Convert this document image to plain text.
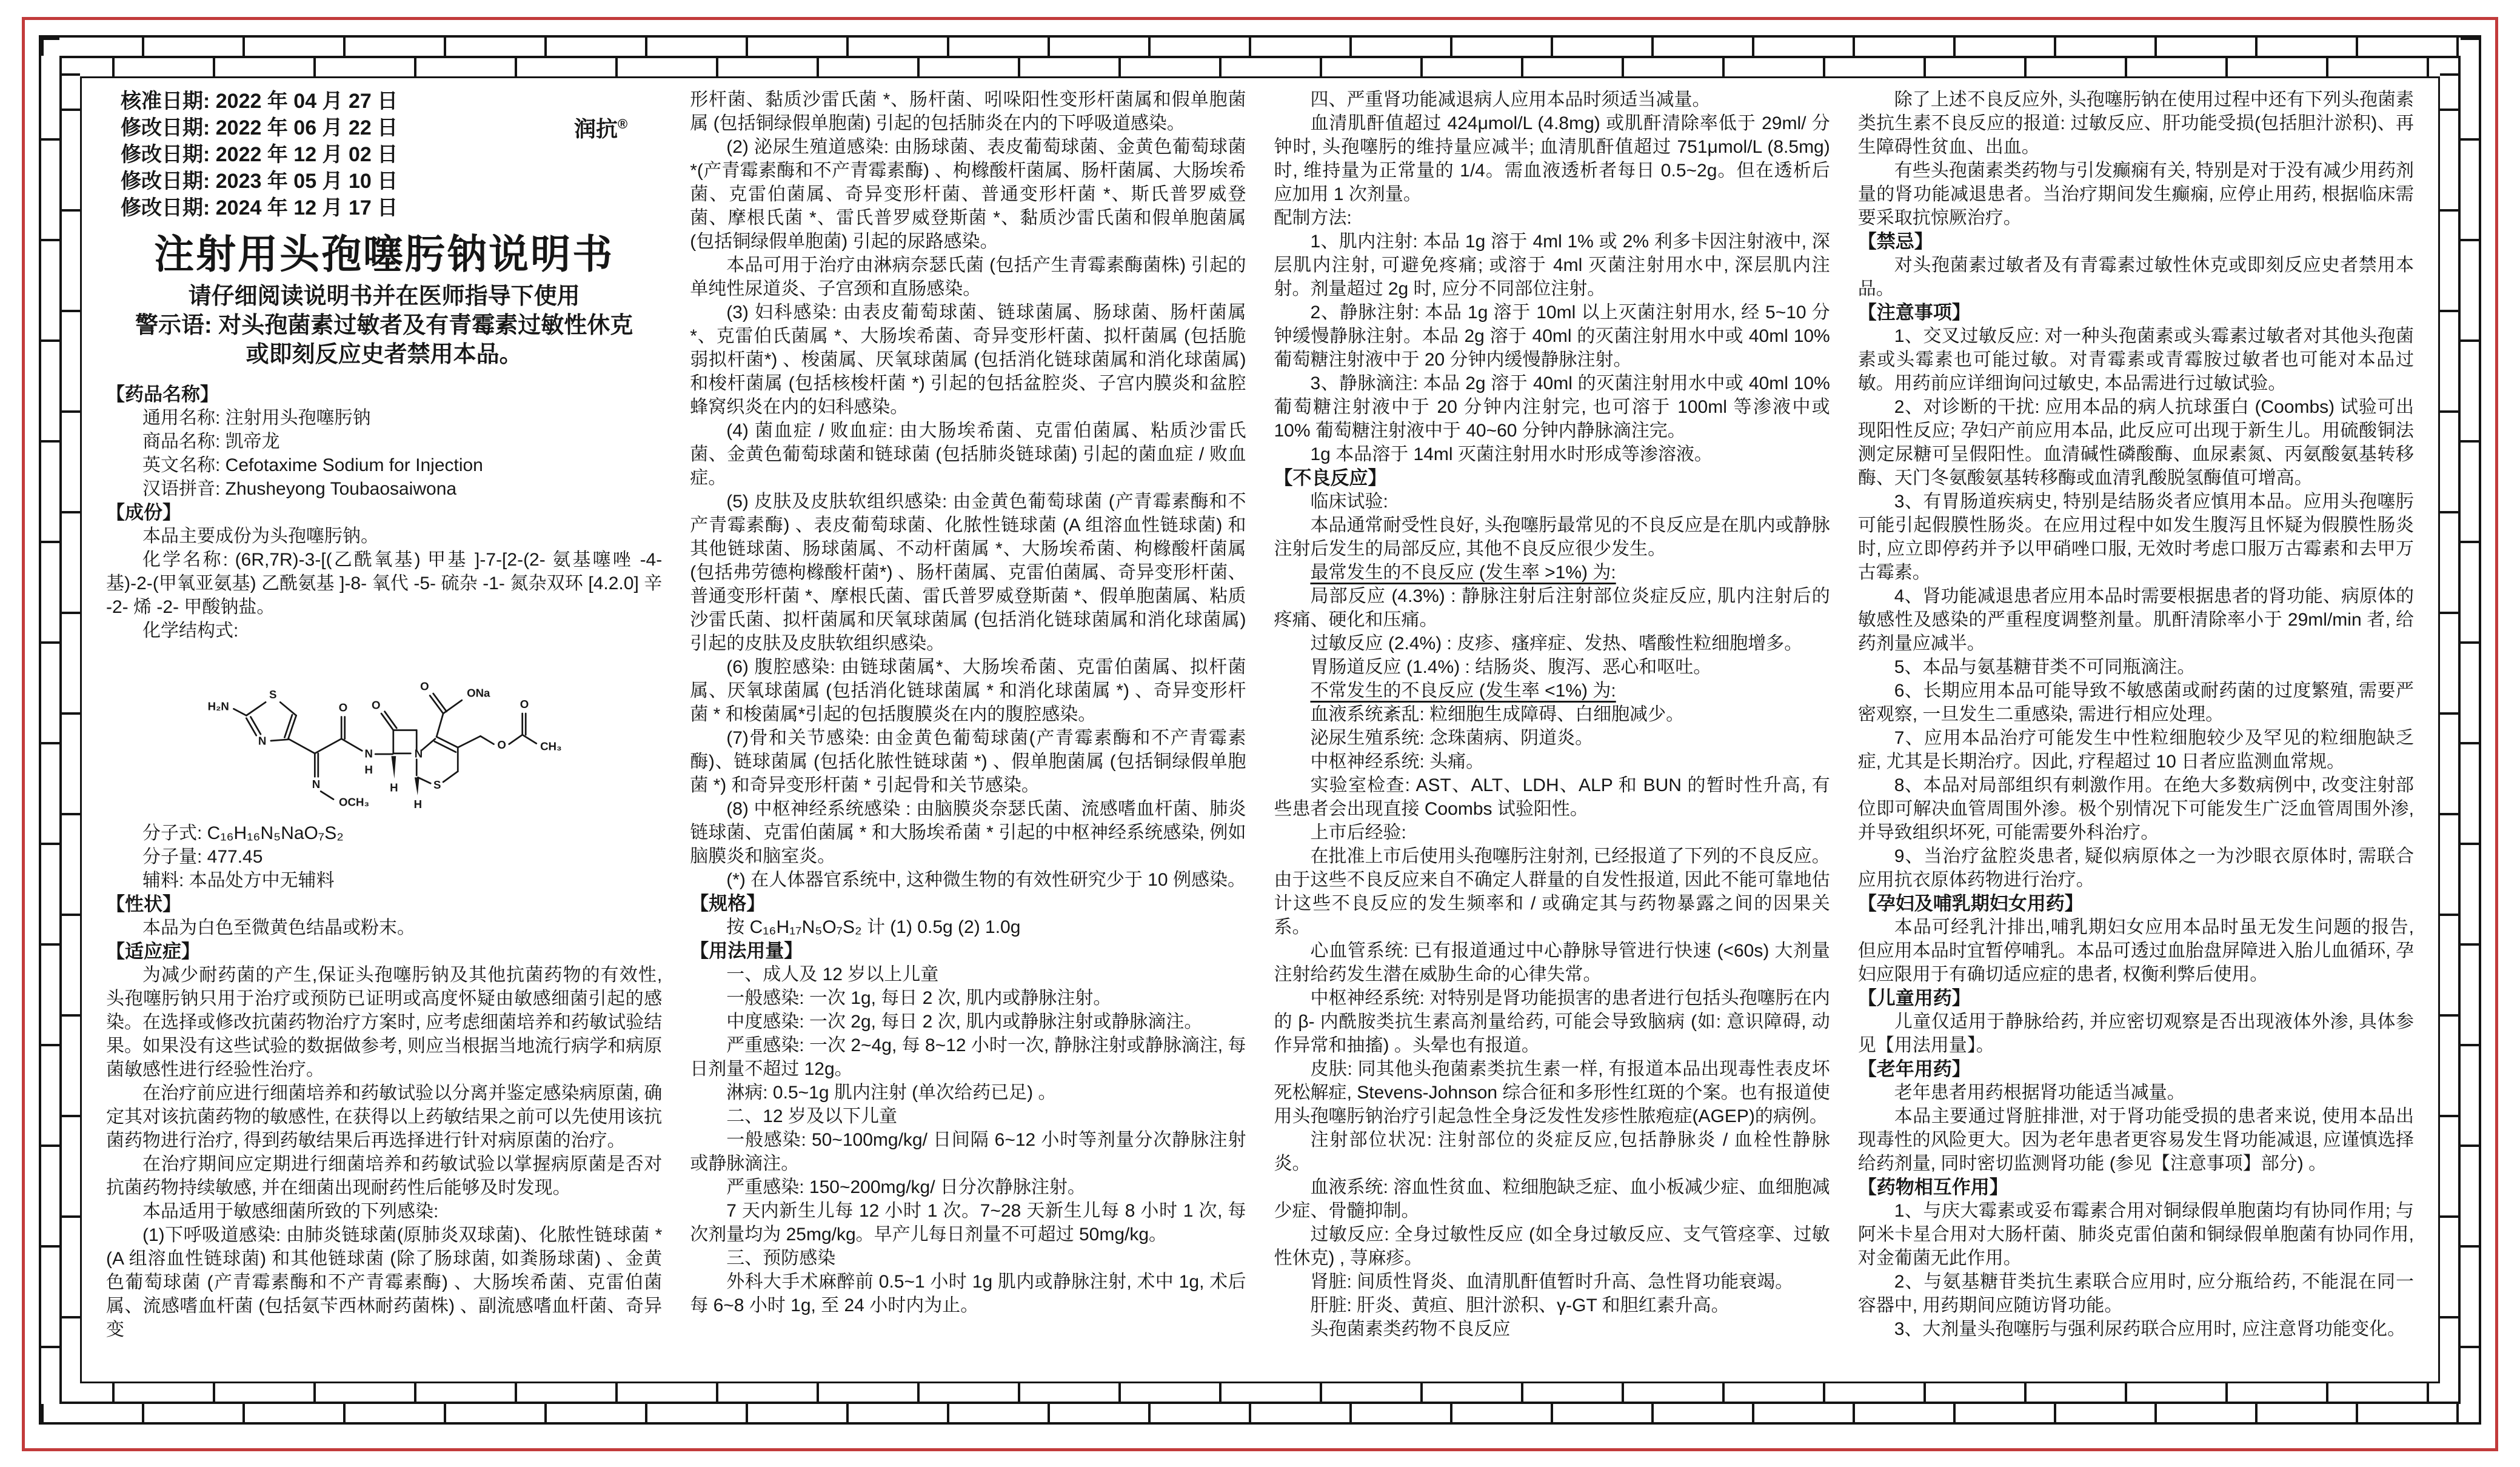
润抗®
核准日期: 2022 年 04 月 27 日
修改日期: 2022 年 06 月 22 日
修改日期: 2022 年 12 月 02 日
修改日期: 2023 年 05 月 10 日
修改日期: 2024 年 12 月 17 日
注射用头孢噻肟钠说明书
请仔细阅读说明书并在医师指导下使用
警示语: 对头孢菌素过敏者及有青霉素过敏性休克
或即刻反应史者禁用本品。
【药品名称】
通用名称: 注射用头孢噻肟钠
商品名称: 凯帝龙
英文名称: Cefotaxime Sodium for Injection
汉语拼音: Zhusheyong Toubaosaiwona
【成份】
本品主要成份为头孢噻肟钠。
化学名称: (6R,7R)-3-[(乙酰氧基) 甲基 ]-7-[2-(2- 氨基噻唑 -4- 基)-2-(甲氧亚氨基) 乙酰氨基 ]-8- 氧代 -5- 硫杂 -1- 氮杂双环 [4.2.0] 辛 -2- 烯 -2- 甲酸钠盐。
化学结构式:
H₂N
S
N
N
OCH₃
O
N
H
O
N
H S
H
O
ONa
O
O
CH₃
分子式: C₁₆H₁₆N₅NaO₇S₂
分子量: 477.45
辅料: 本品处方中无辅料
【性状】
本品为白色至微黄色结晶或粉末。
【适应症】
为减少耐药菌的产生,保证头孢噻肟钠及其他抗菌药物的有效性, 头孢噻肟钠只用于治疗或预防已证明或高度怀疑由敏感细菌引起的感染。在选择或修改抗菌药物治疗方案时, 应考虑细菌培养和药敏试验结果。如果没有这些试验的数据做参考, 则应当根据当地流行病学和病原菌敏感性进行经验性治疗。
在治疗前应进行细菌培养和药敏试验以分离并鉴定感染病原菌, 确定其对该抗菌药物的敏感性, 在获得以上药敏结果之前可以先使用该抗菌药物进行治疗, 得到药敏结果后再选择进行针对病原菌的治疗。
在治疗期间应定期进行细菌培养和药敏试验以掌握病原菌是否对抗菌药物持续敏感, 并在细菌出现耐药性后能够及时发现。
本品适用于敏感细菌所致的下列感染:
(1)下呼吸道感染: 由肺炎链球菌(原肺炎双球菌)、化脓性链球菌 *(A 组溶血性链球菌) 和其他链球菌 (除了肠球菌, 如粪肠球菌) 、金黄色葡萄球菌 (产青霉素酶和不产青霉素酶) 、大肠埃希菌、克雷伯菌属、流感嗜血杆菌 (包括氨苄西林耐药菌株) 、副流感嗜血杆菌、奇异变
形杆菌、黏质沙雷氏菌 *、肠杆菌、吲哚阳性变形杆菌属和假单胞菌属 (包括铜绿假单胞菌) 引起的包括肺炎在内的下呼吸道感染。
(2) 泌尿生殖道感染: 由肠球菌、表皮葡萄球菌、金黄色葡萄球菌 *(产青霉素酶和不产青霉素酶) 、枸橼酸杆菌属、肠杆菌属、大肠埃希菌、克雷伯菌属、奇异变形杆菌、普通变形杆菌 *、斯氏普罗威登菌、摩根氏菌 *、雷氏普罗威登斯菌 *、黏质沙雷氏菌和假单胞菌属 (包括铜绿假单胞菌) 引起的尿路感染。
本品可用于治疗由淋病奈瑟氏菌 (包括产生青霉素酶菌株) 引起的单纯性尿道炎、子宫颈和直肠感染。
(3) 妇科感染: 由表皮葡萄球菌、链球菌属、肠球菌、肠杆菌属 *、克雷伯氏菌属 *、大肠埃希菌、奇异变形杆菌、拟杆菌属 (包括脆弱拟杆菌*) 、梭菌属、厌氧球菌属 (包括消化链球菌属和消化球菌属) 和梭杆菌属 (包括核梭杆菌 *) 引起的包括盆腔炎、子宫内膜炎和盆腔蜂窝织炎在内的妇科感染。
(4) 菌血症 / 败血症: 由大肠埃希菌、克雷伯菌属、粘质沙雷氏菌、金黄色葡萄球菌和链球菌 (包括肺炎链球菌) 引起的菌血症 / 败血症。
(5) 皮肤及皮肤软组织感染: 由金黄色葡萄球菌 (产青霉素酶和不产青霉素酶) 、表皮葡萄球菌、化脓性链球菌 (A 组溶血性链球菌) 和其他链球菌、肠球菌属、不动杆菌属 *、大肠埃希菌、枸橼酸杆菌属 (包括弗劳德枸橼酸杆菌*) 、肠杆菌属、克雷伯菌属、奇异变形杆菌、普通变形杆菌 *、摩根氏菌、雷氏普罗威登斯菌 *、假单胞菌属、粘质沙雷氏菌、拟杆菌属和厌氧球菌属 (包括消化链球菌属和消化球菌属) 引起的皮肤及皮肤软组织感染。
(6) 腹腔感染: 由链球菌属*、大肠埃希菌、克雷伯菌属、拟杆菌属、厌氧球菌属 (包括消化链球菌属 * 和消化球菌属 *) 、奇异变形杆菌 * 和梭菌属*引起的包括腹膜炎在内的腹腔感染。
(7)骨和关节感染: 由金黄色葡萄球菌(产青霉素酶和不产青霉素酶)、链球菌属 (包括化脓性链球菌 *) 、假单胞菌属 (包括铜绿假单胞菌 *) 和奇异变形杆菌 * 引起骨和关节感染。
(8) 中枢神经系统感染 : 由脑膜炎奈瑟氏菌、流感嗜血杆菌、肺炎链球菌、克雷伯菌属 * 和大肠埃希菌 * 引起的中枢神经系统感染, 例如脑膜炎和脑室炎。
(*) 在人体器官系统中, 这种微生物的有效性研究少于 10 例感染。
【规格】
按 C₁₆H₁₇N₅O₇S₂ 计 (1) 0.5g (2) 1.0g
【用法用量】
一、成人及 12 岁以上儿童
一般感染: 一次 1g, 每日 2 次, 肌内或静脉注射。
中度感染: 一次 2g, 每日 2 次, 肌内或静脉注射或静脉滴注。
严重感染: 一次 2~4g, 每 8~12 小时一次, 静脉注射或静脉滴注, 每日剂量不超过 12g。
淋病: 0.5~1g 肌内注射 (单次给药已足) 。
二、12 岁及以下儿童
一般感染: 50~100mg/kg/ 日间隔 6~12 小时等剂量分次静脉注射或静脉滴注。
严重感染: 150~200mg/kg/ 日分次静脉注射。
7 天内新生儿每 12 小时 1 次。7~28 天新生儿每 8 小时 1 次, 每次剂量均为 25mg/kg。早产儿每日剂量不可超过 50mg/kg。
三、预防感染
外科大手术麻醉前 0.5~1 小时 1g 肌内或静脉注射, 术中 1g, 术后每 6~8 小时 1g, 至 24 小时内为止。
四、严重肾功能减退病人应用本品时须适当减量。
血清肌酐值超过 424μmol/L (4.8mg) 或肌酐清除率低于 29ml/ 分钟时, 头孢噻肟的维持量应减半; 血清肌酐值超过 751μmol/L (8.5mg) 时, 维持量为正常量的 1/4。需血液透析者每日 0.5~2g。但在透析后应加用 1 次剂量。
配制方法:
1、肌内注射: 本品 1g 溶于 4ml 1% 或 2% 利多卡因注射液中, 深层肌内注射, 可避免疼痛; 或溶于 4ml 灭菌注射用水中, 深层肌内注射。剂量超过 2g 时, 应分不同部位注射。
2、静脉注射: 本品 1g 溶于 10ml 以上灭菌注射用水, 经 5~10 分钟缓慢静脉注射。本品 2g 溶于 40ml 的灭菌注射用水中或 40ml 10% 葡萄糖注射液中于 20 分钟内缓慢静脉注射。
3、静脉滴注: 本品 2g 溶于 40ml 的灭菌注射用水中或 40ml 10% 葡萄糖注射液中于 20 分钟内注射完, 也可溶于 100ml 等渗液中或 10% 葡萄糖注射液中于 40~60 分钟内静脉滴注完。
1g 本品溶于 14ml 灭菌注射用水时形成等渗溶液。
【不良反应】
临床试验:
本品通常耐受性良好, 头孢噻肟最常见的不良反应是在肌内或静脉注射后发生的局部反应, 其他不良反应很少发生。
最常发生的不良反应 (发生率 >1%) 为:
局部反应 (4.3%) : 静脉注射后注射部位炎症反应, 肌内注射后的疼痛、硬化和压痛。
过敏反应 (2.4%) : 皮疹、瘙痒症、发热、嗜酸性粒细胞增多。
胃肠道反应 (1.4%) : 结肠炎、腹泻、恶心和呕吐。
不常发生的不良反应 (发生率 <1%) 为:
血液系统紊乱: 粒细胞生成障碍、白细胞减少。
泌尿生殖系统: 念珠菌病、阴道炎。
中枢神经系统: 头痛。
实验室检查: AST、ALT、LDH、ALP 和 BUN 的暂时性升高, 有些患者会出现直接 Coombs 试验阳性。
上市后经验:
在批准上市后使用头孢噻肟注射剂, 已经报道了下列的不良反应。由于这些不良反应来自不确定人群量的自发性报道, 因此不能可靠地估计这些不良反应的发生频率和 / 或确定其与药物暴露之间的因果关系。
心血管系统: 已有报道通过中心静脉导管进行快速 (<60s) 大剂量注射给药发生潜在威胁生命的心律失常。
中枢神经系统: 对特别是肾功能损害的患者进行包括头孢噻肟在内的 β- 内酰胺类抗生素高剂量给药, 可能会导致脑病 (如: 意识障碍, 动作异常和抽搐) 。头晕也有报道。
皮肤: 同其他头孢菌素类抗生素一样, 有报道本品出现毒性表皮坏死松解症, Stevens-Johnson 综合征和多形性红斑的个案。也有报道使用头孢噻肟钠治疗引起急性全身泛发性发疹性脓疱症(AGEP)的病例。
注射部位状况: 注射部位的炎症反应,包括静脉炎 / 血栓性静脉炎。
血液系统: 溶血性贫血、粒细胞缺乏症、血小板减少症、血细胞减少症、骨髓抑制。
过敏反应: 全身过敏性反应 (如全身过敏反应、支气管痉挛、过敏性休克) , 荨麻疹。
肾脏: 间质性肾炎、血清肌酐值暂时升高、急性肾功能衰竭。
肝脏: 肝炎、黄疸、胆汁淤积、γ-GT 和胆红素升高。
头孢菌素类药物不良反应
除了上述不良反应外, 头孢噻肟钠在使用过程中还有下列头孢菌素类抗生素不良反应的报道: 过敏反应、肝功能受损(包括胆汁淤积)、再生障碍性贫血、出血。
有些头孢菌素类药物与引发癫痫有关, 特别是对于没有减少用药剂量的肾功能减退患者。当治疗期间发生癫痫, 应停止用药, 根据临床需要采取抗惊厥治疗。
【禁忌】
对头孢菌素过敏者及有青霉素过敏性休克或即刻反应史者禁用本品。
【注意事项】
1、交叉过敏反应: 对一种头孢菌素或头霉素过敏者对其他头孢菌素或头霉素也可能过敏。对青霉素或青霉胺过敏者也可能对本品过敏。用药前应详细询问过敏史, 本品需进行过敏试验。
2、对诊断的干扰: 应用本品的病人抗球蛋白 (Coombs) 试验可出现阳性反应; 孕妇产前应用本品, 此反应可出现于新生儿。用硫酸铜法测定尿糖可呈假阳性。血清碱性磷酸酶、血尿素氮、丙氨酸氨基转移酶、天门冬氨酸氨基转移酶或血清乳酸脱氢酶值可增高。
3、有胃肠道疾病史, 特别是结肠炎者应慎用本品。应用头孢噻肟可能引起假膜性肠炎。在应用过程中如发生腹泻且怀疑为假膜性肠炎时, 应立即停药并予以甲硝唑口服, 无效时考虑口服万古霉素和去甲万古霉素。
4、肾功能减退患者应用本品时需要根据患者的肾功能、病原体的敏感性及感染的严重程度调整剂量。肌酐清除率小于 29ml/min 者, 给药剂量应减半。
5、本品与氨基糖苷类不可同瓶滴注。
6、长期应用本品可能导致不敏感菌或耐药菌的过度繁殖, 需要严密观察, 一旦发生二重感染, 需进行相应处理。
7、应用本品治疗可能发生中性粒细胞较少及罕见的粒细胞缺乏症, 尤其是长期治疗。因此, 疗程超过 10 日者应监测血常规。
8、本品对局部组织有刺激作用。在绝大多数病例中, 改变注射部位即可解决血管周围外渗。极个别情况下可能发生广泛血管周围外渗, 并导致组织坏死, 可能需要外科治疗。
9、当治疗盆腔炎患者, 疑似病原体之一为沙眼衣原体时, 需联合应用抗衣原体药物进行治疗。
【孕妇及哺乳期妇女用药】
本品可经乳汁排出,哺乳期妇女应用本品时虽无发生问题的报告, 但应用本品时宜暂停哺乳。本品可透过血胎盘屏障进入胎儿血循环, 孕妇应限用于有确切适应症的患者, 权衡利弊后使用。
【儿童用药】
儿童仅适用于静脉给药, 并应密切观察是否出现液体外渗, 具体参见【用法用量】。
【老年用药】
老年患者用药根据肾功能适当减量。
本品主要通过肾脏排泄, 对于肾功能受损的患者来说, 使用本品出现毒性的风险更大。因为老年患者更容易发生肾功能减退, 应谨慎选择给药剂量, 同时密切监测肾功能 (参见【注意事项】部分) 。
【药物相互作用】
1、与庆大霉素或妥布霉素合用对铜绿假单胞菌均有协同作用; 与阿米卡星合用对大肠杆菌、肺炎克雷伯菌和铜绿假单胞菌有协同作用, 对金葡菌无此作用。
2、与氨基糖苷类抗生素联合应用时, 应分瓶给药, 不能混在同一容器中, 用药期间应随访肾功能。
3、大剂量头孢噻肟与强利尿药联合应用时, 应注意肾功能变化。
